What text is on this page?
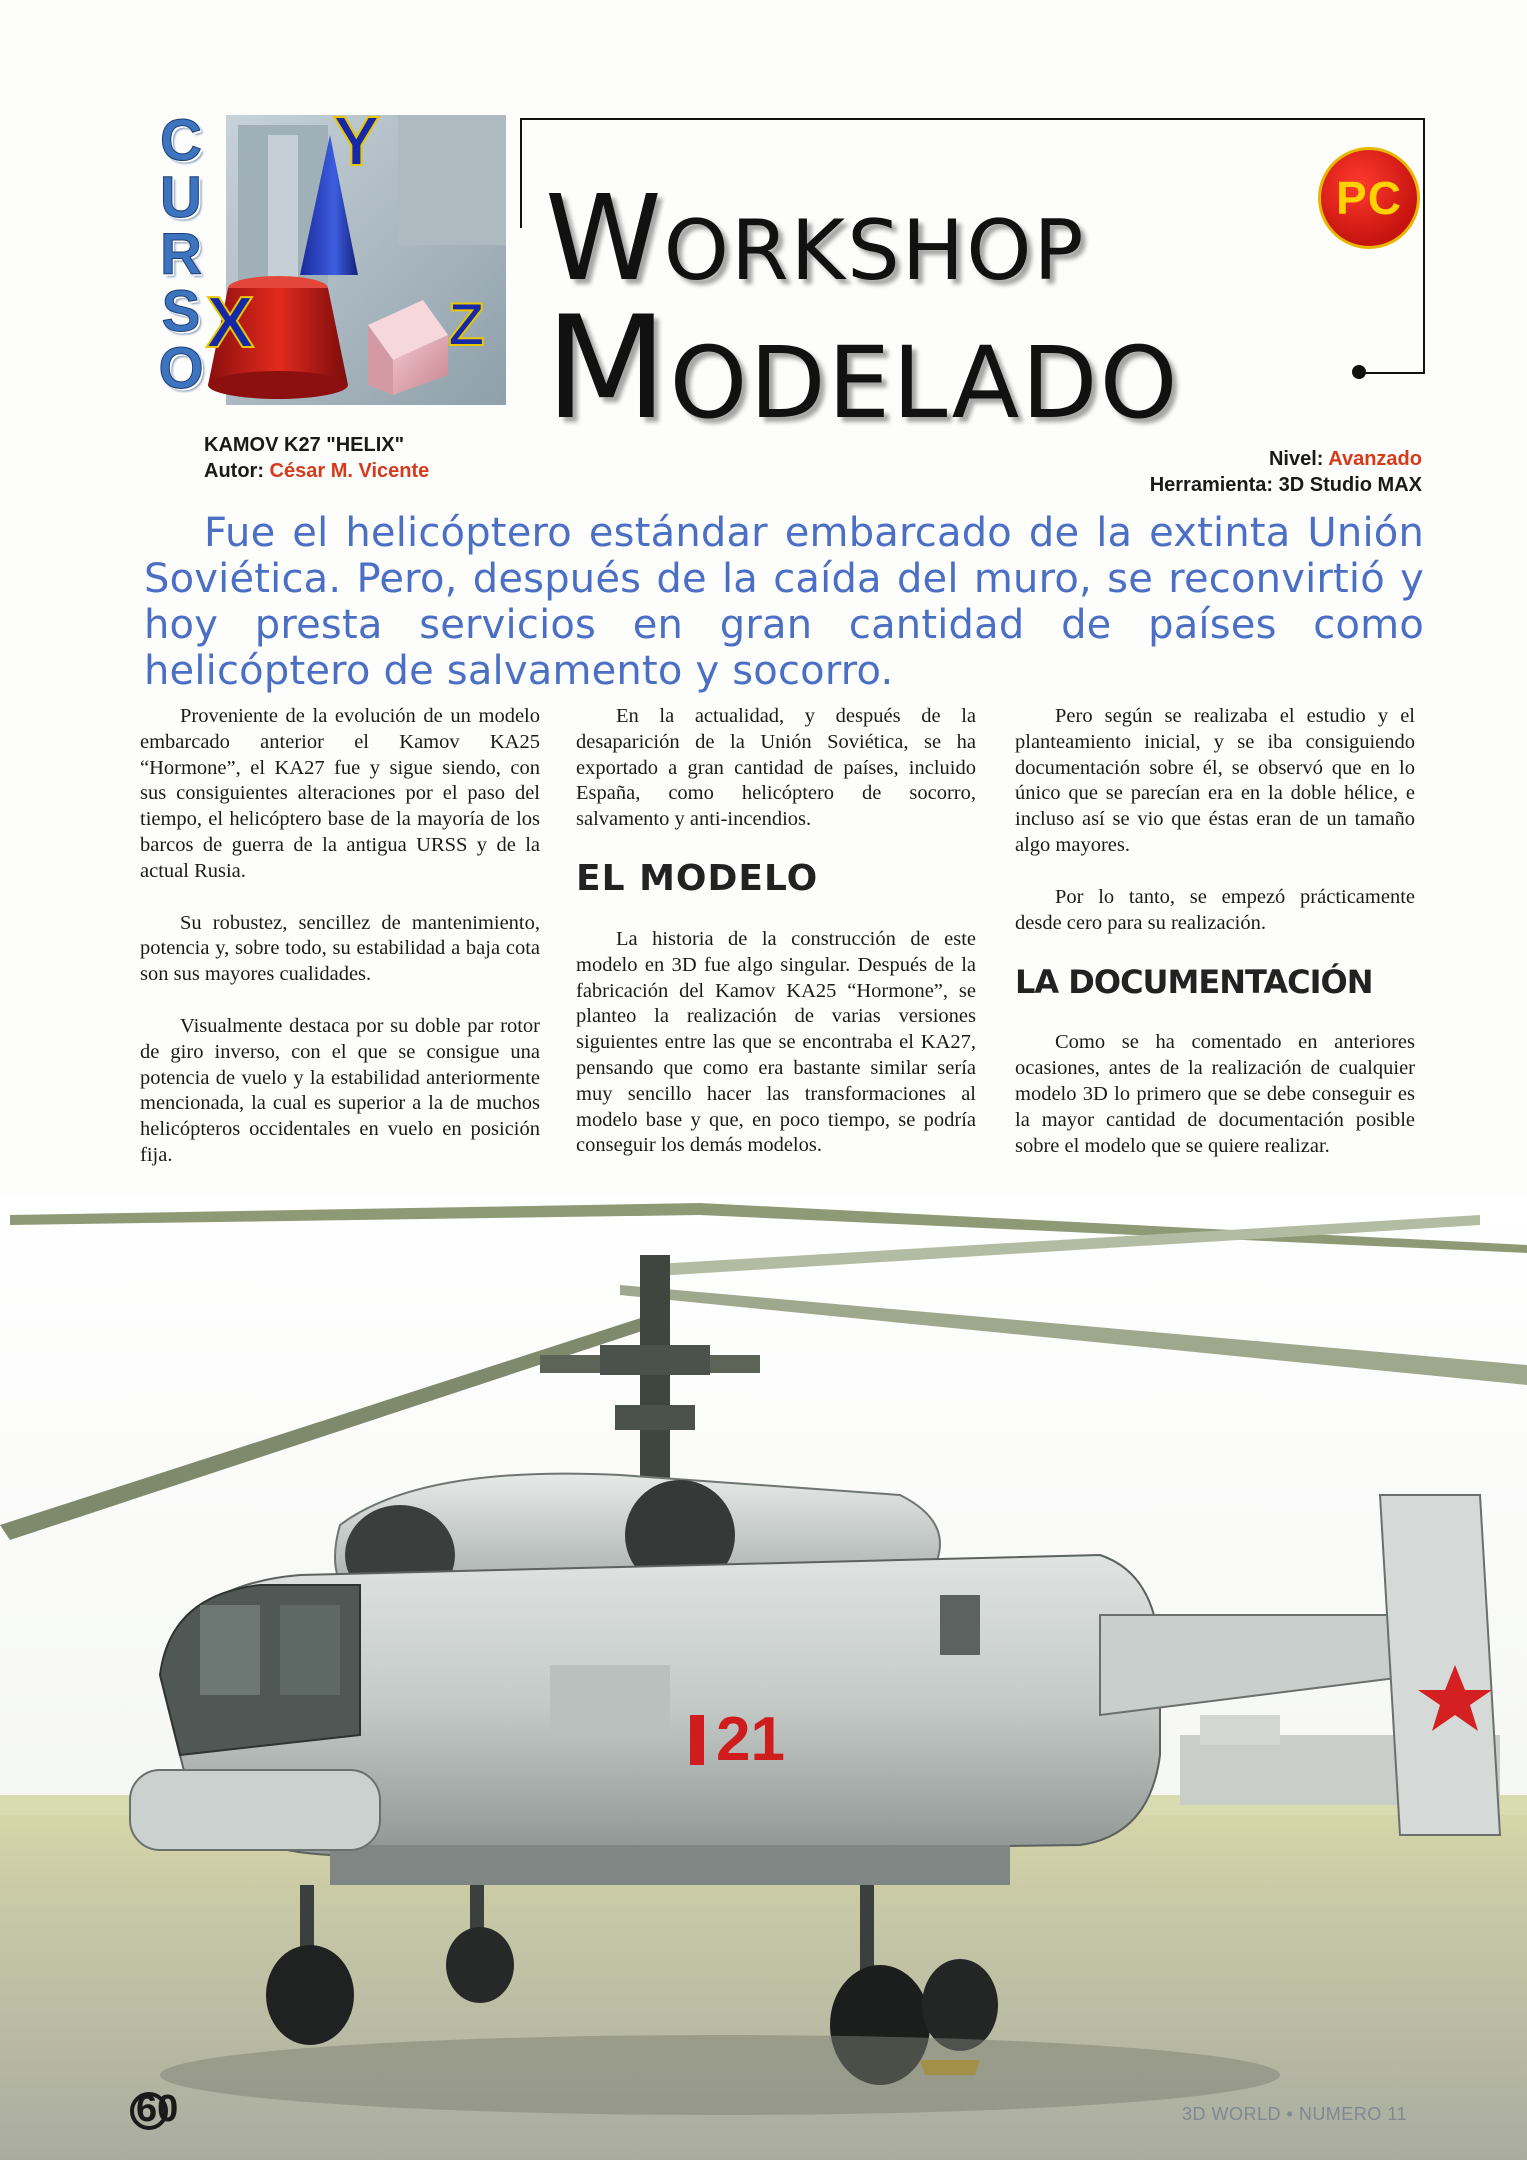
Y
X	Z
C
U
R
S
O
PC
Workshop
Modelado
KAMOV K27 "HELIX"
Autor: César M. Vicente
Nivel: Avanzado
Herramienta: 3D Studio MAX

Fue el helicóptero estándar embarcado de la extinta Unión Soviética. Pero, después de la caída del muro, se reconvirtió y hoy presta servicios en gran cantidad de países como helicóptero de salvamento y socorro.

Proveniente de la evolución de un modelo embarcado anterior el Kamov KA25 “Hormone”, el KA27 fue y sigue siendo, con sus consiguientes alteraciones por el paso del tiempo, el helicóptero base de la mayoría de los barcos de guerra de la antigua URSS y de la actual Rusia.

Su robustez, sencillez de mantenimiento, potencia y, sobre todo, su estabilidad a baja cota son sus mayores cualidades.

Visualmente destaca por su doble par rotor de giro inverso, con el que se consigue una potencia de vuelo y la estabilidad anteriormente mencionada, la cual es superior a la de muchos helicópteros occidentales en vuelo en posición fija.

En la actualidad, y después de la desaparición de la Unión Soviética, se ha exportado a gran cantidad de países, incluido España, como helicóptero de socorro, salvamento y anti-incendios.

EL MODELO

La historia de la construcción de este modelo en 3D fue algo singular. Después de la fabricación del Kamov KA25 “Hormone”, se planteo la realización de varias versiones siguientes entre las que se encontraba el KA27, pensando que como era bastante similar sería muy sencillo hacer las transformaciones al modelo base y que, en poco tiempo, se podría conseguir los demás modelos.

Pero según se realizaba el estudio y el planteamiento inicial, y se iba consiguiendo documentación sobre él, se observó que en lo único que se parecían era en la doble hélice, e incluso así se vio que éstas eran de un tamaño algo mayores.

Por lo tanto, se empezó prácticamente desde cero para su realización.

LA DOCUMENTACIÓN

Como se ha comentado en anteriores ocasiones, antes de la realización de cualquier modelo 3D lo primero que se debe conseguir es la mayor cantidad de documentación posible sobre el modelo que se quiere realizar.

21
60	3D WORLD • NUMERO 11
